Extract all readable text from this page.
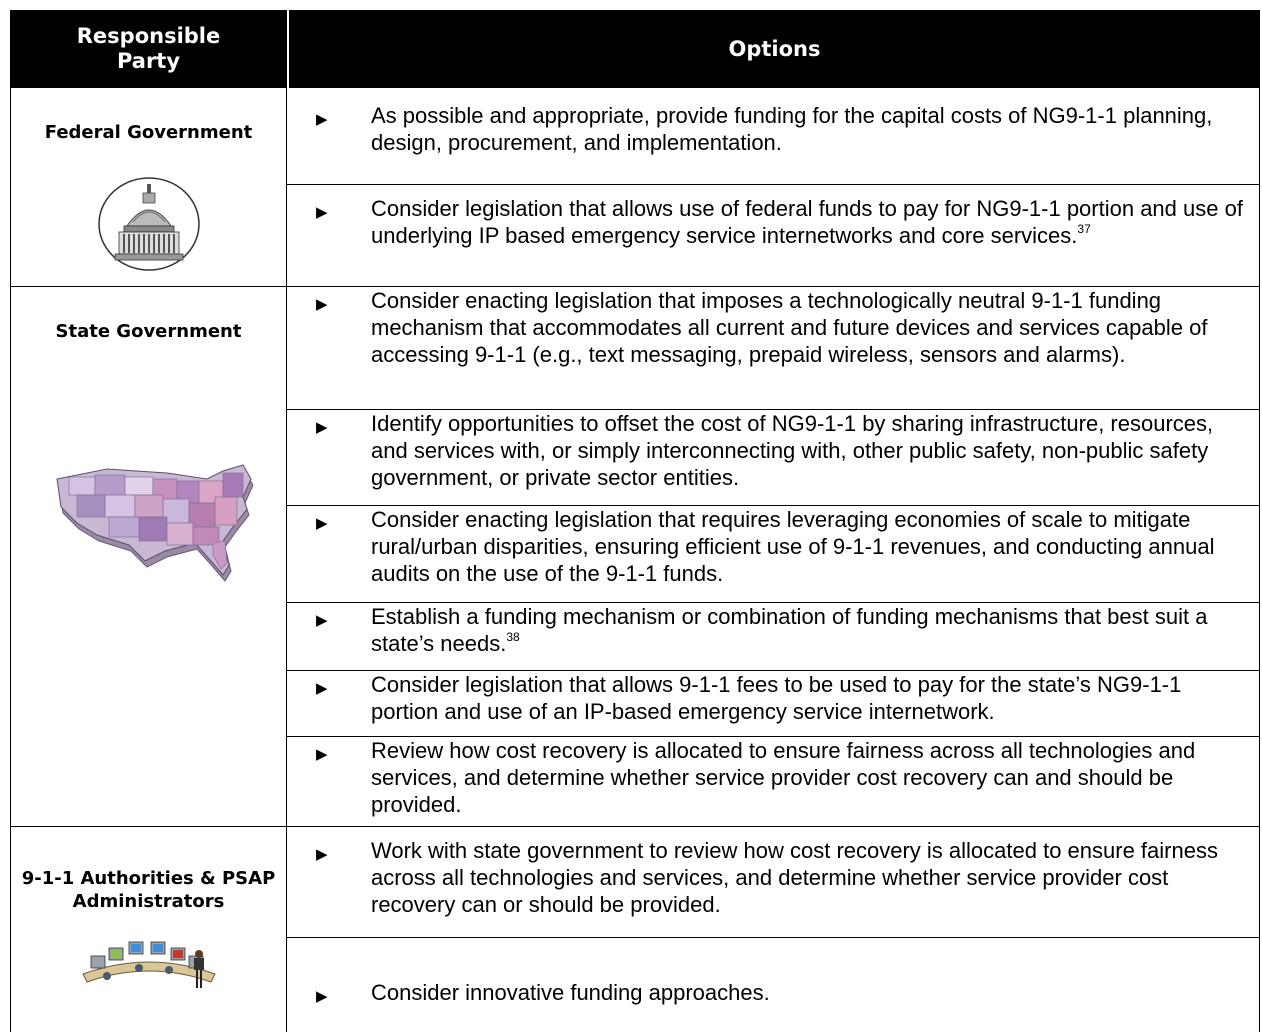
Responsible Party
Options
Federal Government
▶ As possible and appropriate, provide funding for the capital costs of NG9-1-1 planning, design, procurement, and implementation.
▶ Consider legislation that allows use of federal funds to pay for NG9-1-1 portion and use of underlying IP based emergency service internetworks and core services.$^{37}$
State Government
▶ Consider enacting legislation that imposes a technologically neutral 9-1-1 funding mechanism that accommodates all current and future devices and services capable of accessing 9-1-1 (e.g., text messaging, prepaid wireless, sensors and alarms).
▶ Identify opportunities to offset the cost of NG9-1-1 by sharing infrastructure, resources, and services with, or simply interconnecting with, other public safety, non-public safety government, or private sector entities.
▶ Consider enacting legislation that requires leveraging economies of scale to mitigate rural/urban disparities, ensuring efficient use of 9-1-1 revenues, and conducting annual audits on the use of the 9-1-1 funds.
▶ Establish a funding mechanism or combination of funding mechanisms that best suit a state’s needs.$^{38}$
▶ Consider legislation that allows 9-1-1 fees to be used to pay for the state’s NG9-1-1 portion and use of an IP-based emergency service internetwork.
▶ Review how cost recovery is allocated to ensure fairness across all technologies and services, and determine whether service provider cost recovery can and should be provided.
9-1-1 Authorities & PSAP Administrators
▶ Work with state government to review how cost recovery is allocated to ensure fairness across all technologies and services, and determine whether service provider cost recovery can or should be provided.
▶ Consider innovative funding approaches.
